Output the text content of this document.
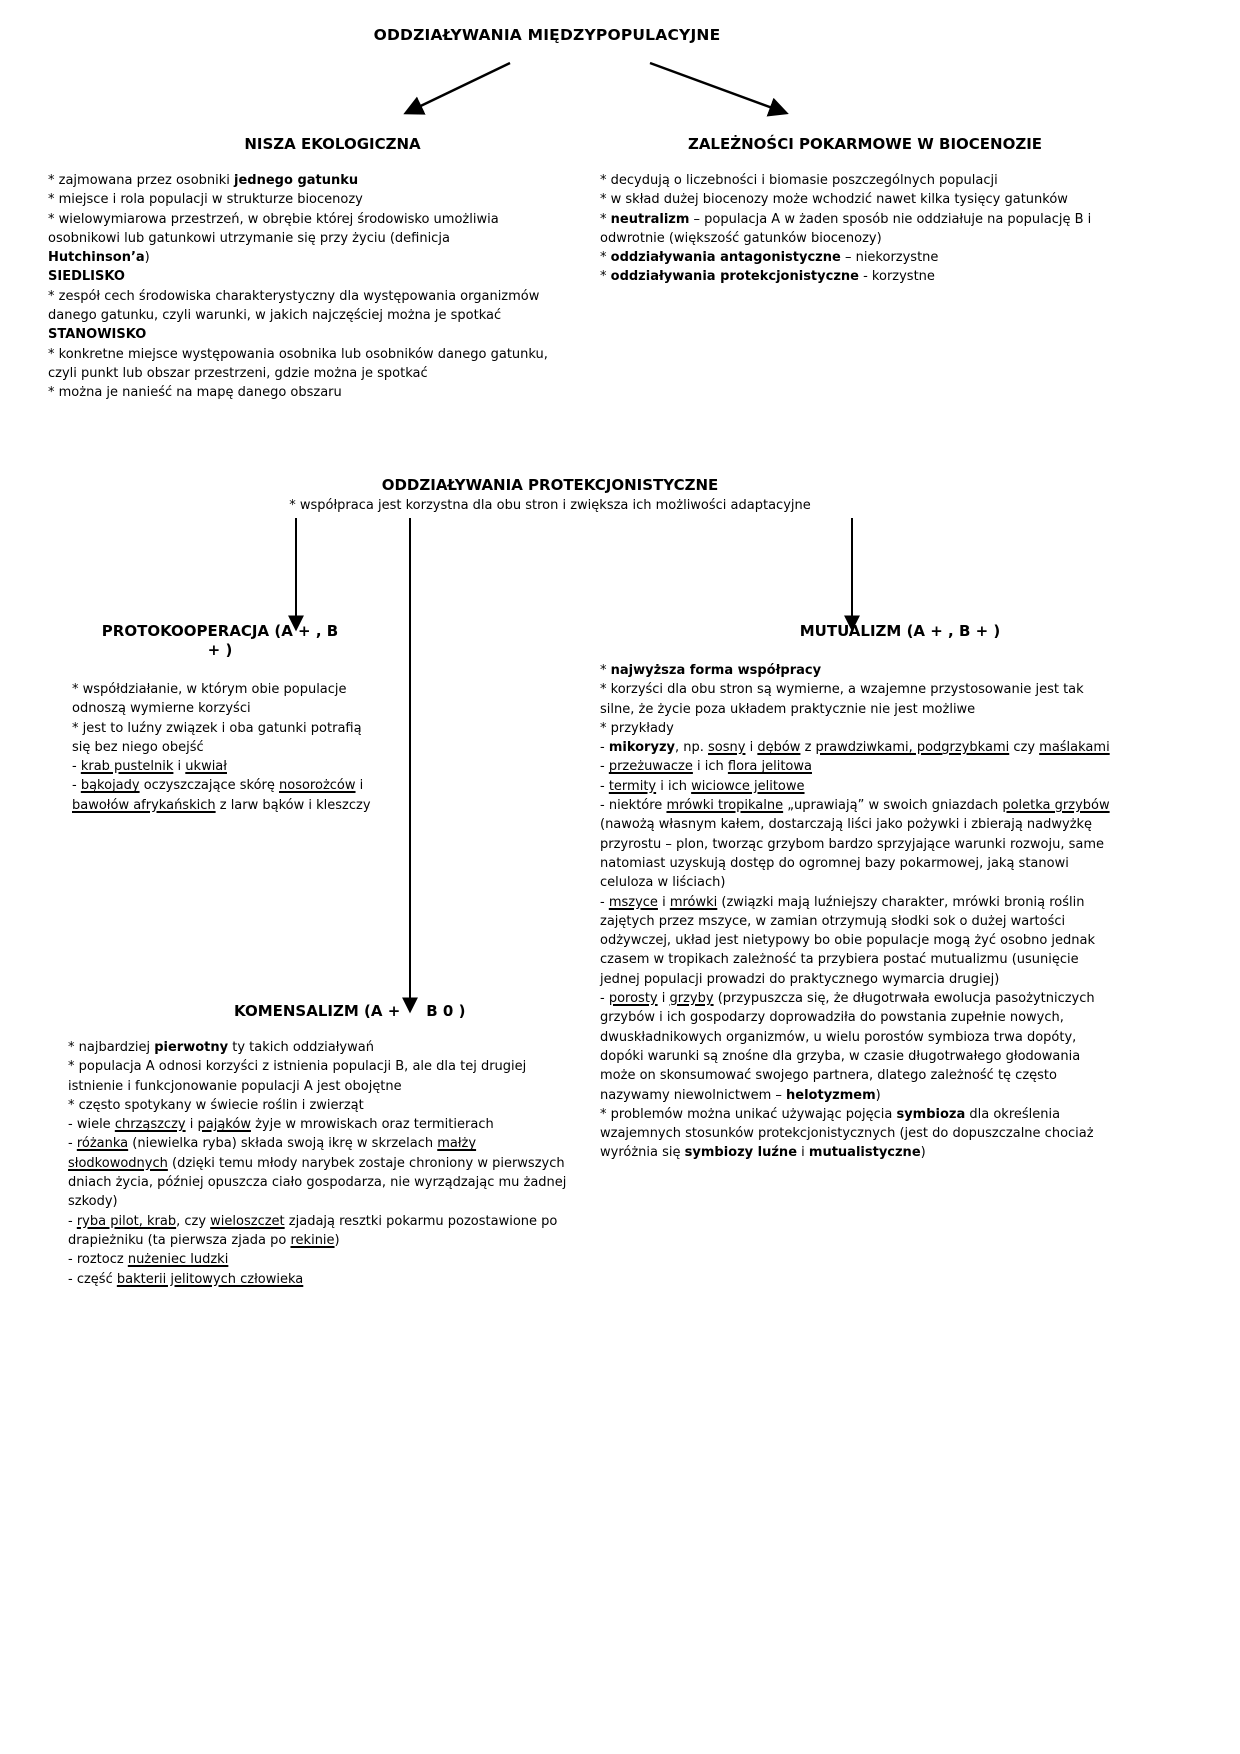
ODDZIAŁYWANIA MIĘDZYPOPULACYJNE
NISZA EKOLOGICZNA
* zajmowana przez osobniki jednego gatunku
* miejsce i rola populacji w strukturze biocenozy
* wielowymiarowa przestrzeń, w obrębie której środowisko umożliwia osobnikowi lub gatunkowi utrzymanie się przy życiu (definicja Hutchinson’a)
SIEDLISKO
* zespół cech środowiska charakterystyczny dla występowania organizmów danego gatunku, czyli warunki, w jakich najczęściej można je spotkać
STANOWISKO
* konkretne miejsce występowania osobnika lub osobników danego gatunku, czyli punkt lub obszar przestrzeni, gdzie można je spotkać
* można je nanieść na mapę danego obszaru
ZALEŻNOŚCI POKARMOWE W BIOCENOZIE
* decydują o liczebności i biomasie poszczególnych populacji
* w skład dużej biocenozy może wchodzić nawet kilka tysięcy gatunków
* neutralizm – populacja A w żaden sposób nie oddziałuje na populację B i odwrotnie (większość gatunków biocenozy)
* oddziaływania antagonistyczne – niekorzystne
* oddziaływania protekcjonistyczne - korzystne
ODDZIAŁYWANIA PROTEKCJONISTYCZNE
* współpraca jest korzystna dla obu stron i zwiększa ich możliwości adaptacyjne
PROTOKOOPERACJA (A + , B + )
* współdziałanie, w którym obie populacje odnoszą wymierne korzyści
* jest to luźny związek i oba gatunki potrafią się bez niego obejść
- krab pustelnik i ukwiał
- bąkojady oczyszczające skórę nosorożców i bawołów afrykańskich z larw bąków i kleszczy
MUTUALIZM (A + , B + )
* najwyższa forma współpracy
* korzyści dla obu stron są wymierne, a wzajemne przystosowanie jest tak silne, że życie poza układem praktycznie nie jest możliwe
* przykłady
- mikoryzy, np. sosny i dębów z prawdziwkami, podgrzybkami czy maślakami
- przeżuwacze i ich flora jelitowa
- termity i ich wiciowce jelitowe
- niektóre mrówki tropikalne „uprawiają” w swoich gniazdach poletka grzybów (nawożą własnym kałem, dostarczają liści jako pożywki i zbierają nadwyżkę przyrostu – plon, tworząc grzybom bardzo sprzyjające warunki rozwoju, same natomiast uzyskują dostęp do ogromnej bazy pokarmowej, jaką stanowi celuloza w liściach)
- mszyce i mrówki (związki mają luźniejszy charakter, mrówki bronią roślin zajętych przez mszyce, w zamian otrzymują słodki sok o dużej wartości odżywczej, układ jest nietypowy bo obie populacje mogą żyć osobno jednak czasem w tropikach zależność ta przybiera postać mutualizmu (usunięcie jednej populacji prowadzi do praktycznego wymarcia drugiej)
- porosty i grzyby (przypuszcza się, że długotrwała ewolucja pasożytniczych grzybów i ich gospodarzy doprowadziła do powstania zupełnie nowych, dwuskładnikowych organizmów, u wielu porostów symbioza trwa dopóty, dopóki warunki są znośne dla grzyba, w czasie długotrwałego głodowania może on skonsumować swojego partnera, dlatego zależność tę często nazywamy niewolnictwem – helotyzmem)
* problemów można unikać używając pojęcia symbioza dla określenia wzajemnych stosunków protekcjonistycznych (jest do dopuszczalne chociaż wyróżnia się symbiozy luźne i mutualistyczne)
KOMENSALIZM (A + B 0 )
* najbardziej pierwotny ty takich oddziaływań
* populacja A odnosi korzyści z istnienia populacji B, ale dla tej drugiej istnienie i funkcjonowanie populacji A jest obojętne
* często spotykany w świecie roślin i zwierząt
- wiele chrząszczy i pająków żyje w mrowiskach oraz termitierach
- różanka (niewielka ryba) składa swoją ikrę w skrzelach małży słodkowodnych (dzięki temu młody narybek zostaje chroniony w pierwszych dniach życia, później opuszcza ciało gospodarza, nie wyrządzając mu żadnej szkody)
- ryba pilot, krab, czy wieloszczet zjadają resztki pokarmu pozostawione po drapieżniku (ta pierwsza zjada po rekinie)
- roztocz nużeniec ludzki
- część bakterii jelitowych człowieka
